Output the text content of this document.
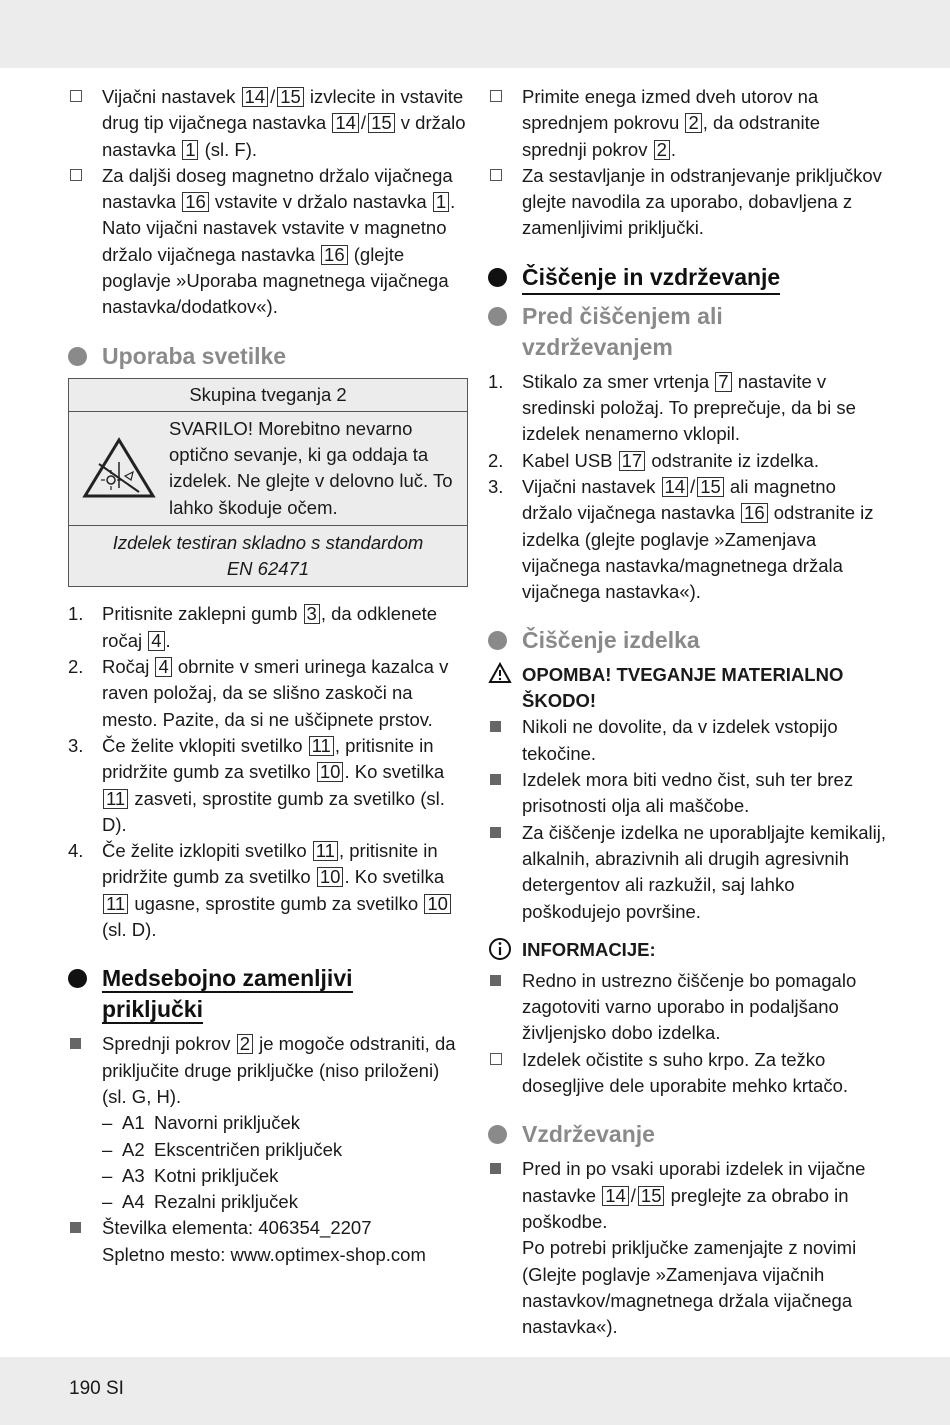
Vijačni nastavek 14 / 15 izvlecite in vstavite drug tip vijačnega nastavka 14 / 15 v držalo nastavka 1 (sl. F).
Za daljši doseg magnetno držalo vijačnega nastavka 16 vstavite v držalo nastavka 1 . Nato vijačni nastavek vstavite v magnetno držalo vijačnega nastavka 16 (glejte poglavje »Uporaba magnetnega vijačnega nastavka/dodatkov«).
Uporaba svetilke
Skupina tveganja 2
SVARILO! Morebitno nevarno optično sevanje, ki ga oddaja ta izdelek. Ne glejte v delovno luč. To lahko škoduje očem.
Izdelek testiran skladno s standardom
EN 62471
1.	Pritisnite zaklepni gumb 3 , da odklenete ročaj 4 .
2.	Ročaj 4 obrnite v smeri urinega kazalca v raven položaj, da se slišno zaskoči na mesto. Pazite, da si ne uščipnete prstov.
3.	Če želite vklopiti svetilko 11 , pritisnite in pridržite gumb za svetilko 10 . Ko svetilka 11 zasveti, sprostite gumb za svetilko (sl. D).
4.	Če želite izklopiti svetilko 11 , pritisnite in pridržite gumb za svetilko 10 . Ko svetilka 11 ugasne, sprostite gumb za svetilko 10 (sl. D).
Medsebojno zamenljivi
priključki
Sprednji pokrov 2 je mogoče odstraniti, da priključite druge priključke (niso priloženi) (sl. G, H).
– A1 Navorni priključek
– A2 Ekscentričen priključek
– A3 Kotni priključek
– A4 Rezalni priključek
Številka elementa: 406354_2207
Spletno mesto: www.optimex-shop.com
Primite enega izmed dveh utorov na sprednjem pokrovu 2 , da odstranite sprednji pokrov 2 .
Za sestavljanje in odstranjevanje priključkov glejte navodila za uporabo, dobavljena z zamenljivimi priključki.
Čiščenje in vzdrževanje
Pred čiščenjem ali
vzdrževanjem
1.	Stikalo za smer vrtenja 7 nastavite v sredinski položaj. To preprečuje, da bi se izdelek nenamerno vklopil.
2.	Kabel USB 17 odstranite iz izdelka.
3.	Vijačni nastavek 14 / 15 ali magnetno držalo vijačnega nastavka 16 odstranite iz izdelka (glejte poglavje »Zamenjava vijačnega nastavka/magnetnega držala vijačnega nastavka«).
Čiščenje izdelka
OPOMBA! TVEGANJE MATERIALNO ŠKODO!
Nikoli ne dovolite, da v izdelek vstopijo tekočine.
Izdelek mora biti vedno čist, suh ter brez prisotnosti olja ali maščobe.
Za čiščenje izdelka ne uporabljajte kemikalij, alkalnih, abrazivnih ali drugih agresivnih detergentov ali razkužil, saj lahko poškodujejo površine.
INFORMACIJE:
Redno in ustrezno čiščenje bo pomagalo zagotoviti varno uporabo in podaljšano življenjsko dobo izdelka.
Izdelek očistite s suho krpo. Za težko dosegljive dele uporabite mehko krtačo.
Vzdrževanje
Pred in po vsaki uporabi izdelek in vijačne nastavke 14 / 15 preglejte za obrabo in poškodbe.
Po potrebi priključke zamenjajte z novimi (Glejte poglavje »Zamenjava vijačnih nastavkov/magnetnega držala vijačnega nastavka«).
190 SI
